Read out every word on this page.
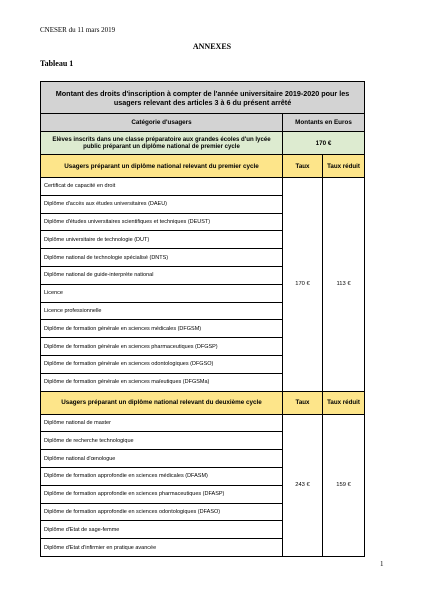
CNESER du 11 mars 2019
ANNEXES
Tableau 1
Montant des droits d'inscription à compter de l'année universitaire 2019-2020 pour les usagers relevant des articles 3 à 6 du présent arrêté		
Catégorie d'usagers	Montants en Euros	
Elèves inscrits dans une classe préparatoire aux grandes écoles d'un lycée public préparant un diplôme national de premier cycle	170 €	
Usagers préparant un diplôme national relevant du premier cycle	Taux	Taux réduit
Certificat de capacité en droit	170 €	113 €
Diplôme d'accès aux études universitaires (DAEU)		
Diplôme d'études universitaires scientifiques et techniques (DEUST)		
Diplôme universitaire de technologie (DUT)		
Diplôme national de technologie spécialisé (DNTS)		
Diplôme national de guide-interprète national		
Licence		
Licence professionnelle		
Diplôme de formation générale en sciences médicales (DFGSM)		
Diplôme de formation générale en sciences pharmaceutiques (DFGSP)		
Diplôme de formation générale en sciences odontologiques (DFGSO)		
Diplôme de formation générale en sciences maïeutiques (DFGSMa)		
Usagers préparant un diplôme national relevant du deuxième cycle	Taux	Taux réduit
Diplôme national de master	243 €	159 €
Diplôme de recherche technologique		
Diplôme national d'œnologue		
Diplôme de formation approfondie en sciences médicales (DFASM)		
Diplôme de formation approfondie en sciences pharmaceutiques (DFASP)		
Diplôme de formation approfondie en sciences odontologiques (DFASO)		
Diplôme d'Etat de sage-femme		
Diplôme d'Etat d'infirmier en pratique avancée		
1
